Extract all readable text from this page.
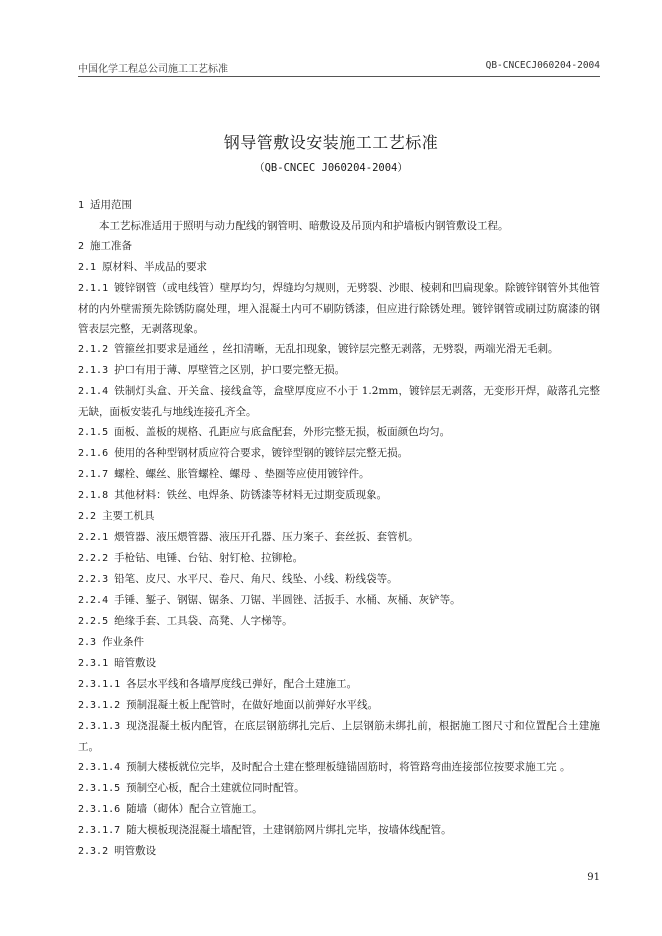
中国化学工程总公司施工工艺标准	QB-CNCECJ060204-2004
钢导管敷设安装施工工艺标准
（QB-CNCEC J060204-2004）
1 适用范围
本工艺标准适用于照明与动力配线的钢管明、暗敷设及吊顶内和护墙板内钢管敷设工程。
2 施工准备
2.1 原材料、半成品的要求
2.1.1 镀锌钢管（或电线管）壁厚均匀，焊缝均匀规则，无劈裂、沙眼、棱刺和凹扁现象。除镀锌钢管外其他管材的内外壁需预先除锈防腐处理，埋入混凝土内可不刷防锈漆，但应进行除锈处理。镀锌钢管或刷过防腐漆的钢管表层完整，无剥落现象。
2.1.2 管箍丝扣要求是通丝 ，丝扣清晰，无乱扣现象，镀锌层完整无剥落，无劈裂，两端光滑无毛刺。
2.1.3 护口有用于薄、厚壁管之区别，护口要完整无损。
2.1.4 铁制灯头盒、开关盒、接线盒等，盒壁厚度应不小于 1.2mm，镀锌层无剥落，无变形开焊，敲落孔完整无缺，面板安装孔与地线连接孔齐全。
2.1.5 面板、盖板的规格、孔距应与底盒配套，外形完整无损，板面颜色均匀。
2.1.6 使用的各种型钢材质应符合要求，镀锌型钢的镀锌层完整无损。
2.1.7 螺栓、螺丝、胀管螺栓、螺母 、垫圈等应使用镀锌件。
2.1.8 其他材料：铁丝、电焊条、防锈漆等材料无过期变质现象。
2.2 主要工机具
2.2.1 煨管器、液压煨管器、液压开孔器、压力案子、套丝扳、套管机。
2.2.2 手枪钻、电锤、台钻、射钉枪、拉铆枪。
2.2.3 铅笔、皮尺、水平尺、卷尺、角尺、线坠、小线、粉线袋等。
2.2.4 手锤、錾子、钢锯、锯条、刀锯、半圆锉、活扳手、水桶、灰桶、灰铲等。
2.2.5 绝缘手套、工具袋、高凳、人字梯等。
2.3 作业条件
2.3.1 暗管敷设
2.3.1.1 各层水平线和各墙厚度线已弹好，配合土建施工。
2.3.1.2 预制混凝土板上配管时，在做好地面以前弹好水平线。
2.3.1.3 现浇混凝土板内配管，在底层钢筋绑扎完后、上层钢筋未绑扎前，根据施工图尺寸和位置配合土建施工。
2.3.1.4 预制大楼板就位完毕，及时配合土建在整理板缝锚固筋时，将管路弯曲连接部位按要求施工完 。
2.3.1.5 预制空心板，配合土建就位同时配管。
2.3.1.6 随墙（砌体）配合立管施工。
2.3.1.7 随大模板现浇混凝土墙配管，土建钢筋网片绑扎完毕，按墙体线配管。
2.3.2 明管敷设
91
